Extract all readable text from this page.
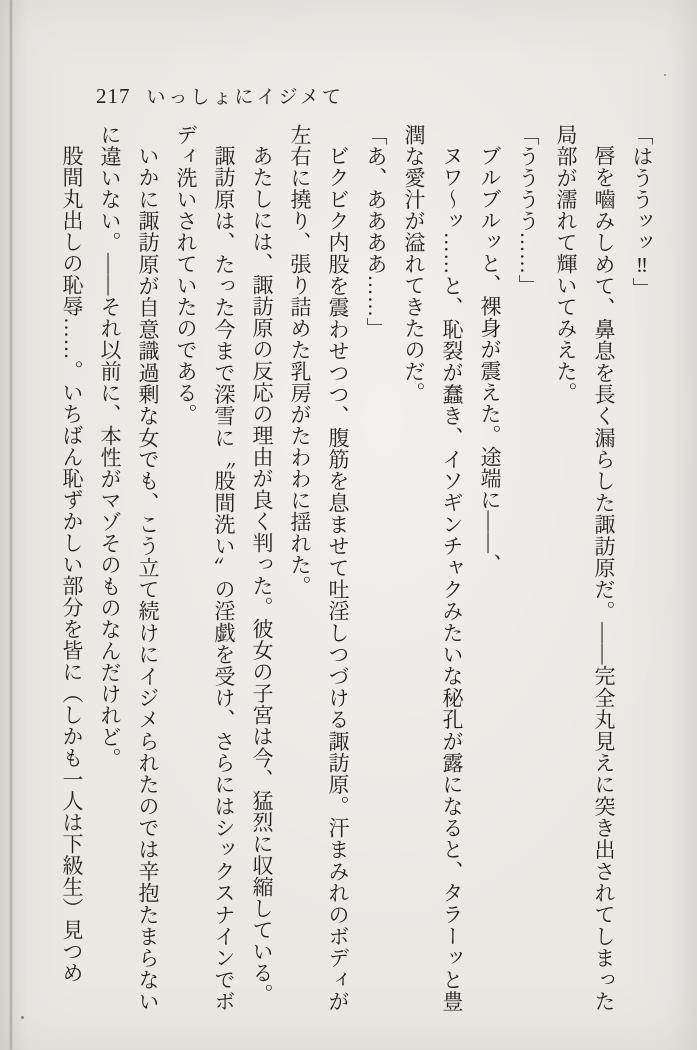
217 いっしょにイジメて

「はううッッ‼」

唇を嚙みしめて、鼻息を長く漏らした諏訪原だ。――完全丸見えに突き出されてしまった局部が濡れて輝いてみえた。

「うううう……」

ブルブルッと、裸身が震えた。途端に――、

ヌワ～ッ……と、恥裂が蠢き、イソギンチャクみたいな秘孔が露になると、タラーッと豊潤な愛汁が溢れてきたのだ。

「あ、ああああ……」

ビクビク内股を震わせつつ、腹筋を息ませて吐淫しつづける諏訪原。汗まみれのボディが左右に撓り、張り詰めた乳房がたわわに揺れた。

あたしには、諏訪原の反応の理由が良く判った。彼女の子宮は今、猛烈に収縮している。

諏訪原は、たった今まで深雪に〝股間洗い〟の淫戯を受け、さらにはシックスナインでボディ洗いされていたのである。

いかに諏訪原が自意識過剰な女でも、こう立て続けにイジメられたのでは辛抱たまらないに違いない。――それ以前に、本性がマゾそのものなんだけれど。

股間丸出しの恥辱……。いちばん恥ずかしい部分を皆に（しかも一人は下級生）見つめ
